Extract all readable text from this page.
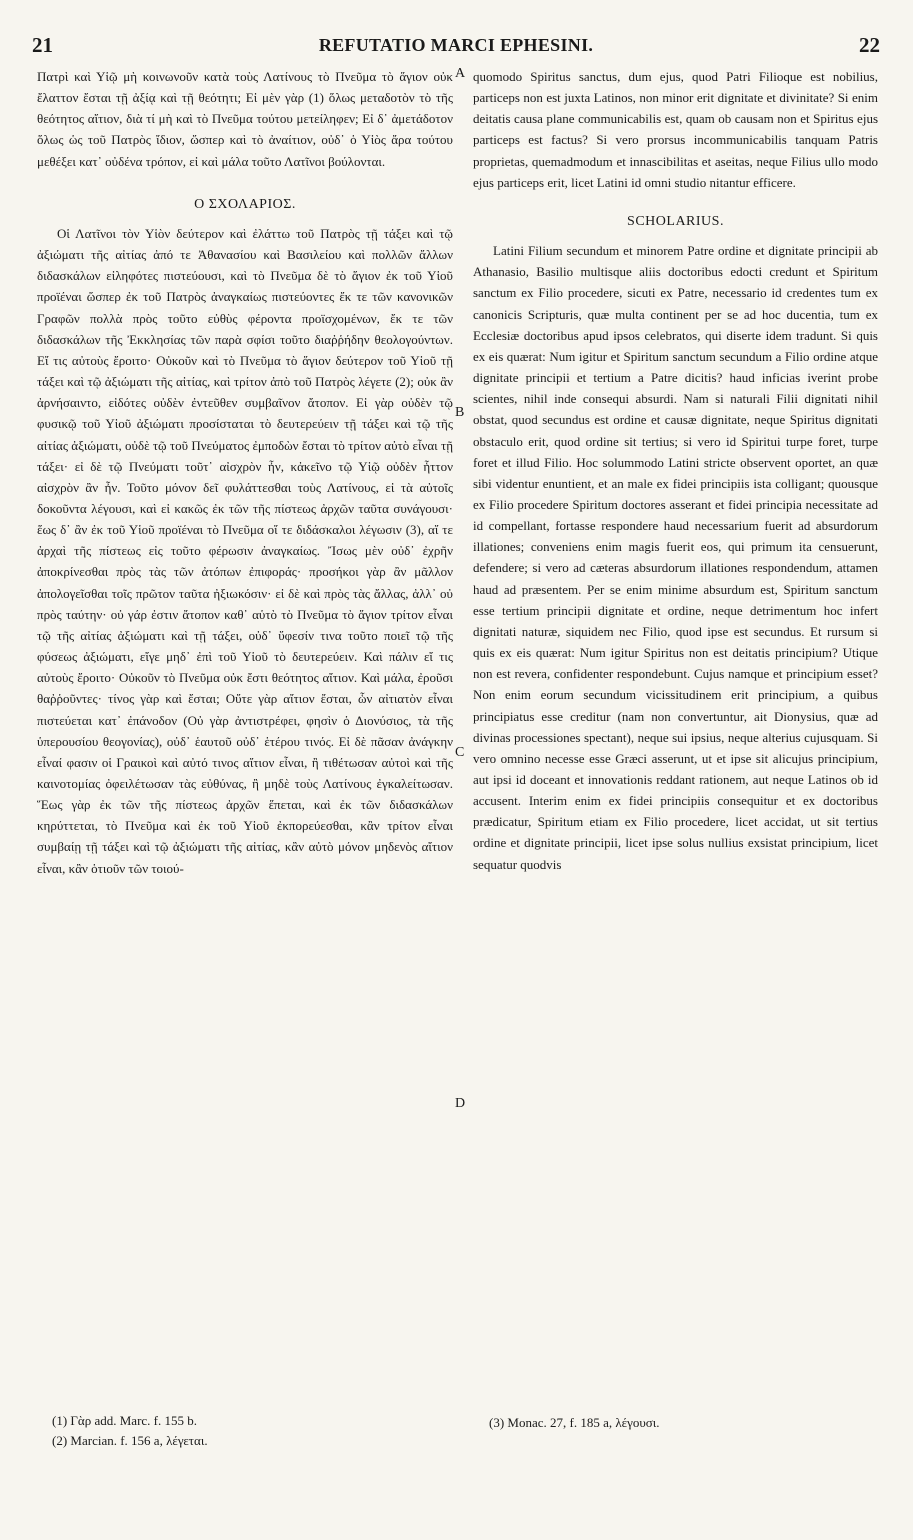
21	REFUTATIO MARCI EPHESINI.	22

Πατρὶ καὶ Υἱῷ μὴ κοινωνοῦν κατὰ τοὺς Λατίνους τὸ Πνεῦμα τὸ ἅγιον οὐκ ἔλαττον ἔσται τῇ ἀξίᾳ καὶ τῇ θεότητι; Εἰ μὲν γὰρ (1) ὅλως μεταδοτὸν τὸ τῆς θεότητος αἴτιον, διὰ τί μὴ καὶ τὸ Πνεῦμα τούτου μετείληφεν; Εἰ δ᾽ ἀμετάδοτον ὅλως ὡς τοῦ Πατρὸς ἴδιον, ὥσπερ καὶ τὸ ἀναίτιον, οὐδ᾽ ὁ Υἱὸς ἄρα τούτου μεθέξει κατ᾽ οὐδένα τρόπον, εἰ καὶ μάλα τοῦτο Λατῖνοι βούλονται.

Ο ΣΧΟΛΑΡΙΟΣ.

Οἱ Λατῖνοι τὸν Υἱὸν δεύτερον καὶ ἐλάττω τοῦ Πατρὸς τῇ τάξει καὶ τῷ ἀξιώματι τῆς αἰτίας ἀπό τε Ἀθανασίου καὶ Βασιλείου καὶ πολλῶν ἄλλων διδασκάλων εἰληφότες πιστεύουσι, καὶ τὸ Πνεῦμα δὲ τὸ ἅγιον ἐκ τοῦ Υἱοῦ προϊέναι ὥσπερ ἐκ τοῦ Πατρὸς ἀναγκαίως πιστεύοντες ἔκ τε τῶν κανονικῶν Γραφῶν πολλὰ πρὸς τοῦτο εὐθὺς φέροντα προϊσχομένων, ἔκ τε τῶν διδασκάλων τῆς Ἐκκλησίας τῶν παρὰ σφίσι τοῦτο διαῤῥήδην θεολογούντων. Εἴ τις αὐτοὺς ἔροιτο· Οὐκοῦν καὶ τὸ Πνεῦμα τὸ ἅγιον δεύτερον τοῦ Υἱοῦ τῇ τάξει καὶ τῷ ἀξιώματι τῆς αἰτίας, καὶ τρίτον ἀπὸ τοῦ Πατρὸς λέγετε (2); οὐκ ἂν ἀρνήσαιντο, εἰδότες οὐδὲν ἐντεῦθεν συμβαῖνον ἄτοπον. Εἰ γὰρ οὐδὲν τῷ φυσικῷ τοῦ Υἱοῦ ἀξιώματι προσίσταται τὸ δευτερεύειν τῇ τάξει καὶ τῷ τῆς αἰτίας ἀξιώματι, οὐδὲ τῷ τοῦ Πνεύματος ἐμποδὼν ἔσται τὸ τρίτον αὐτὸ εἶναι τῇ τάξει· εἰ δὲ τῷ Πνεύματι τοῦτ᾽ αἰσχρὸν ἦν, κἀκεῖνο τῷ Υἱῷ οὐδὲν ἧττον αἰσχρὸν ἂν ἦν. Τοῦτο μόνον δεῖ φυλάττεσθαι τοὺς Λατίνους, εἰ τὰ αὐτοῖς δοκοῦντα λέγουσι, καὶ εἰ κακῶς ἐκ τῶν τῆς πίστεως ἀρχῶν ταῦτα συνάγουσι· ἕως δ᾽ ἂν ἐκ τοῦ Υἱοῦ προϊέναι τὸ Πνεῦμα οἵ τε διδάσκαλοι λέγωσιν (3), αἵ τε ἀρχαὶ τῆς πίστεως εἰς τοῦτο φέρωσιν ἀναγκαίως. Ἴσως μὲν οὐδ᾽ ἐχρῆν ἀποκρίνεσθαι πρὸς τὰς τῶν ἀτόπων ἐπιφοράς· προσήκοι γὰρ ἂν μᾶλλον ἀπολογεῖσθαι τοῖς πρῶτον ταῦτα ἠξιωκόσιν· εἰ δὲ καὶ πρὸς τὰς ἄλλας, ἀλλ᾽ οὐ πρὸς ταύτην· οὐ γάρ ἐστιν ἄτοπον καθ᾽ αὑτὸ τὸ Πνεῦμα τὸ ἅγιον τρίτον εἶναι τῷ τῆς αἰτίας ἀξιώματι καὶ τῇ τάξει, οὐδ᾽ ὕφεσίν τινα τοῦτο ποιεῖ τῷ τῆς φύσεως ἀξιώματι, εἴγε μηδ᾽ ἐπὶ τοῦ Υἱοῦ τὸ δευτερεύειν. Καὶ πάλιν εἴ τις αὐτοὺς ἔροιτο· Οὐκοῦν τὸ Πνεῦμα οὐκ ἔστι θεότητος αἴτιον. Καὶ μάλα, ἐροῦσι θαῤῥοῦντες· τίνος γὰρ καὶ ἔσται; Οὔτε γὰρ αἴτιον ἔσται, ὧν αἰτιατὸν εἶναι πιστεύεται κατ᾽ ἐπάνοδον (Οὐ γὰρ ἀντιστρέφει, φησὶν ὁ Διονύσιος, τὰ τῆς ὑπερουσίου θεογονίας), οὐδ᾽ ἑαυτοῦ οὐδ᾽ ἑτέρου τινός. Εἰ δὲ πᾶσαν ἀνάγκην εἶναί φασιν οἱ Γραικοὶ καὶ αὐτό τινος αἴτιον εἶναι, ἢ τιθέτωσαν αὐτοὶ καὶ τῆς καινοτομίας ὀφειλέτωσαν τὰς εὐθύνας, ἢ μηδὲ τοὺς Λατίνους ἐγκαλείτωσαν. Ἕως γὰρ ἐκ τῶν τῆς πίστεως ἀρχῶν ἕπεται, καὶ ἐκ τῶν διδασκάλων κηρύττεται, τὸ Πνεῦμα καὶ ἐκ τοῦ Υἱοῦ ἐκπορεύεσθαι, κἂν τρίτον εἶναι συμβαίῃ τῇ τάξει καὶ τῷ ἀξιώματι τῆς αἰτίας, κἂν αὐτὸ μόνον μηδενὸς αἴτιον εἶναι, κἂν ὁτιοῦν τῶν τοιού-

quomodo Spiritus sanctus, dum ejus, quod Patri Filioque est nobilius, particeps non est juxta Latinos, non minor erit dignitate et divinitate? Si enim deitatis causa plane communicabilis est, quam ob causam non et Spiritus ejus particeps est factus? Si vero prorsus incommunicabilis tanquam Patris proprietas, quemadmodum et innascibilitas et aseitas, neque Filius ullo modo ejus particeps erit, licet Latini id omni studio nitantur efficere.

SCHOLARIUS.

Latini Filium secundum et minorem Patre ordine et dignitate principii ab Athanasio, Basilio multisque aliis doctoribus edocti credunt et Spiritum sanctum ex Filio procedere, sicuti ex Patre, necessario id credentes tum ex canonicis Scripturis, quæ multa continent per se ad hoc ducentia, tum ex Ecclesiæ doctoribus apud ipsos celebratos, qui diserte idem tradunt. Si quis ex eis quærat: Num igitur et Spiritum sanctum secundum a Filio ordine atque dignitate principii et tertium a Patre dicitis? haud inficias iverint probe scientes, nihil inde consequi absurdi. Nam si naturali Filii dignitati nihil obstat, quod secundus est ordine et causæ dignitate, neque Spiritus dignitati obstaculo erit, quod ordine sit tertius; si vero id Spiritui turpe foret, turpe foret et illud Filio. Hoc solummodo Latini stricte observent oportet, an quæ sibi videntur enuntient, et an male ex fidei principiis ista colligant; quousque ex Filio procedere Spiritum doctores asserant et fidei principia necessitate ad id compellant, fortasse respondere haud necessarium fuerit ad absurdorum illationes; conveniens enim magis fuerit eos, qui primum ita censuerunt, defendere; si vero ad cæteras absurdorum illationes respondendum, attamen haud ad præsentem. Per se enim minime absurdum est, Spiritum sanctum esse tertium principii dignitate et ordine, neque detrimentum hoc infert dignitati naturæ, siquidem nec Filio, quod ipse est secundus. Et rursum si quis ex eis quærat: Num igitur Spiritus non est deitatis principium? Utique non est revera, confidenter respondebunt. Cujus namque et principium esset? Non enim eorum secundum vicissitudinem erit principium, a quibus principiatus esse creditur (nam non convertuntur, ait Dionysius, quæ ad divinas processiones spectant), neque sui ipsius, neque alterius cujusquam. Si vero omnino necesse esse Græci asserunt, ut et ipse sit alicujus principium, aut ipsi id doceant et innovationis reddant rationem, aut neque Latinos ob id accusent. Interim enim ex fidei principiis consequitur et ex doctoribus prædicatur, Spiritum etiam ex Filio procedere, licet accidat, ut sit tertius ordine et dignitate principii, licet ipse solus nullius exsistat principium, licet sequatur quodvis

A
B
C
D
(1) Γὰρ add. Marc. f. 155 b.
(2) Marcian. f. 156 a, λέγεται.
(3) Monac. 27, f. 185 a, λέγουσι.
